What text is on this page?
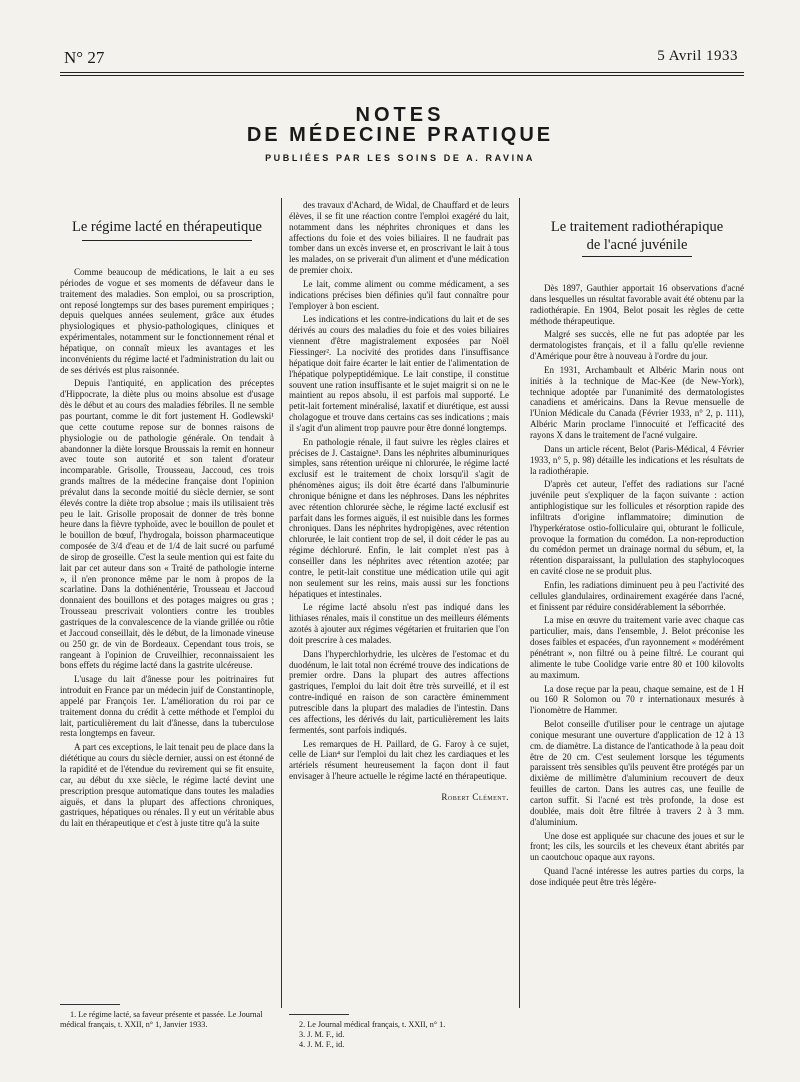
N° 27	5 Avril 1933
NOTES
DE MÉDECINE PRATIQUE
PUBLIÉES PAR LES SOINS DE A. RAVINA
Le régime lacté en thérapeutique

Comme beaucoup de médications, le lait a eu ses périodes de vogue et ses moments de défaveur dans le traitement des maladies. Son emploi, ou sa proscription, ont reposé longtemps sur des bases purement empiriques ; depuis quelques années seulement, grâce aux études physiologiques et physio-pathologiques, cliniques et expérimentales, notamment sur le fonctionnement rénal et hépatique, on connaît mieux les avantages et les inconvénients du régime lacté et l'administration du lait ou de ses dérivés est plus raisonnée.

Depuis l'antiquité, en application des préceptes d'Hippocrate, la diète plus ou moins absolue est d'usage dès le début et au cours des maladies fébriles. Il ne semble pas pourtant, comme le dit fort justement H. Godlewski¹ que cette coutume repose sur de bonnes raisons de physiologie ou de pathologie générale. On tendait à abandonner la diète lorsque Broussais la remit en honneur avec toute son autorité et son talent d'orateur incomparable. Grisolle, Trousseau, Jaccoud, ces trois grands maîtres de la médecine française dont l'opinion prévalut dans la seconde moitié du siècle dernier, se sont élevés contre la diète trop absolue ; mais ils utilisaient très peu le lait. Grisolle proposait de donner de très bonne heure dans la fièvre typhoïde, avec le bouillon de poulet et le bouillon de bœuf, l'hydrogala, boisson pharmaceutique composée de 3/4 d'eau et de 1/4 de lait sucré ou parfumé de sirop de groseille. C'est la seule mention qui est faite du lait par cet auteur dans son « Traité de pathologie interne », il n'en prononce même par le nom à propos de la scarlatine. Dans la dothiénentérie, Trousseau et Jaccoud donnaient des bouillons et des potages maigres ou gras ; Trousseau prescrivait volontiers contre les troubles gastriques de la convalescence de la viande grillée ou rôtie et Jaccoud conseillait, dès le début, de la limonade vineuse ou 250 gr. de vin de Bordeaux. Cependant tous trois, se rangeant à l'opinion de Cruveilhier, reconnaissaient les bons effets du régime lacté dans la gastrite ulcéreuse.

L'usage du lait d'ânesse pour les poitrinaires fut introduit en France par un médecin juif de Constantinople, appelé par François 1er. L'amélioration du roi par ce traitement donna du crédit à cette méthode et l'emploi du lait, particulièrement du lait d'ânesse, dans la tuberculose resta longtemps en faveur.

A part ces exceptions, le lait tenait peu de place dans la diététique au cours du siècle dernier, aussi on est étonné de la rapidité et de l'étendue du revirement qui se fit ensuite, car, au début du xxe siècle, le régime lacté devint une prescription presque automatique dans toutes les maladies aiguës, et dans la plupart des affections chroniques, gastriques, hépatiques ou rénales. Il y eut un véritable abus du lait en thérapeutique et c'est à juste titre qu'à la suite

1. Le régime lacté, sa faveur présente et passée. Le Journal médical français, t. XXII, n° 1, Janvier 1933.

des travaux d'Achard, de Widal, de Chauffard et de leurs élèves, il se fit une réaction contre l'emploi exagéré du lait, notamment dans les néphrites chroniques et dans les affections du foie et des voies biliaires. Il ne faudrait pas tomber dans un excès inverse et, en proscrivant le lait à tous les malades, on se priverait d'un aliment et d'une médication de premier choix.

Le lait, comme aliment ou comme médicament, a ses indications précises bien définies qu'il faut connaître pour l'employer à bon escient.

Les indications et les contre-indications du lait et de ses dérivés au cours des maladies du foie et des voies biliaires viennent d'être magistralement exposées par Noël Fiessinger². La nocivité des protides dans l'insuffisance hépatique doit faire écarter le lait entier de l'alimentation de l'hépatique polypeptidémique. Le lait constipe, il constitue souvent une ration insuffisante et le sujet maigrit si on ne le maintient au repos absolu, il est parfois mal supporté. Le petit-lait fortement minéralisé, laxatif et diurétique, est aussi cholagogue et trouve dans certains cas ses indications ; mais il s'agit d'un aliment trop pauvre pour être donné longtemps.

En pathologie rénale, il faut suivre les règles claires et précises de J. Castaigne³. Dans les néphrites albuminuriques simples, sans rétention uréique ni chlorurée, le régime lacté exclusif est le traitement de choix lorsqu'il s'agit de phénomènes aigus; ils doit être écarté dans l'albuminurie chronique bénigne et dans les néphroses. Dans les néphrites avec rétention chlorurée sèche, le régime lacté exclusif est parfait dans les formes aiguës, il est nuisible dans les formes chroniques. Dans les néphrites hydropigènes, avec rétention chlorurée, le lait contient trop de sel, il doit céder le pas au régime déchloruré. Enfin, le lait complet n'est pas à conseiller dans les néphrites avec rétention azotée; par contre, le petit-lait constitue une médication utile qui agit non seulement sur les reins, mais aussi sur les fonctions hépatiques et intestinales.

Le régime lacté absolu n'est pas indiqué dans les lithiases rénales, mais il constitue un des meilleurs éléments azotés à ajouter aux régimes végétarien et fruitarien que l'on doit prescrire à ces malades.

Dans l'hyperchlorhydrie, les ulcères de l'estomac et du duodénum, le lait total non écrémé trouve des indications de premier ordre. Dans la plupart des autres affections gastriques, l'emploi du lait doit être très surveillé, et il est contre-indiqué en raison de son caractère éminemment putrescible dans la plupart des maladies de l'intestin. Dans ces affections, les dérivés du lait, particulièrement les laits fermentés, sont parfois indiqués.

Les remarques de H. Paillard, de G. Faroy à ce sujet, celle de Lian⁴ sur l'emploi du lait chez les cardiaques et les artériels résument heureusement la façon dont il faut envisager à l'heure actuelle le régime lacté en thérapeutique.

Robert Clément.

2. Le Journal médical français, t. XXII, n° 1.

3. J. M. F., id.

4. J. M. F., id.

Le traitement radiothérapique
de l'acné juvénile

Dès 1897, Gauthier apportait 16 observations d'acné dans lesquelles un résultat favorable avait été obtenu par la radiothérapie. En 1904, Belot posait les règles de cette méthode thérapeutique.

Malgré ses succès, elle ne fut pas adoptée par les dermatologistes français, et il a fallu qu'elle revienne d'Amérique pour être à nouveau à l'ordre du jour.

En 1931, Archambault et Albéric Marin nous ont initiés à la technique de Mac-Kee (de New-York), technique adoptée par l'unanimité des dermatologistes canadiens et américains. Dans la Revue mensuelle de l'Union Médicale du Canada (Février 1933, n° 2, p. 111), Albéric Marin proclame l'innocuité et l'efficacité des rayons X dans le traitement de l'acné vulgaire.

Dans un article récent, Belot (Paris-Médical, 4 Février 1933, n° 5, p. 98) détaille les indications et les résultats de la radiothérapie.

D'après cet auteur, l'effet des radiations sur l'acné juvénile peut s'expliquer de la façon suivante : action antiphlogistique sur les follicules et résorption rapide des infiltrats d'origine inflammatoire; diminution de l'hyperkératose ostio-folliculaire qui, obturant le follicule, provoque la formation du comédon. La non-reproduction du comédon permet un drainage normal du sébum, et, la rétention disparaissant, la pullulation des staphylocoques en cavité close ne se produit plus.

Enfin, les radiations diminuent peu à peu l'activité des cellules glandulaires, ordinairement exagérée dans l'acné, et finissent par réduire considérablement la séborrhée.

La mise en œuvre du traitement varie avec chaque cas particulier, mais, dans l'ensemble, J. Belot préconise les doses faibles et espacées, d'un rayonnement « modérément pénétrant », non filtré ou à peine filtré. Le courant qui alimente le tube Coolidge varie entre 80 et 100 kilovolts au maximum.

La dose reçue par la peau, chaque semaine, est de 1 H ou 160 R Solomon ou 70 r internationaux mesurés à l'ionomètre de Hammer.

Belot conseille d'utiliser pour le centrage un ajutage conique mesurant une ouverture d'application de 12 à 13 cm. de diamètre. La distance de l'anticathode à la peau doit être de 20 cm. C'est seulement lorsque les téguments paraissent très sensibles qu'ils peuvent être protégés par un dixième de millimètre d'aluminium recouvert de deux feuilles de carton. Dans les autres cas, une feuille de carton suffit. Si l'acné est très profonde, la dose est doublée, mais doit être filtrée à travers 2 à 3 mm. d'aluminium.

Une dose est appliquée sur chacune des joues et sur le front; les cils, les sourcils et les cheveux étant abrités par un caoutchouc opaque aux rayons.

Quand l'acné intéresse les autres parties du corps, la dose indiquée peut être très légère-
